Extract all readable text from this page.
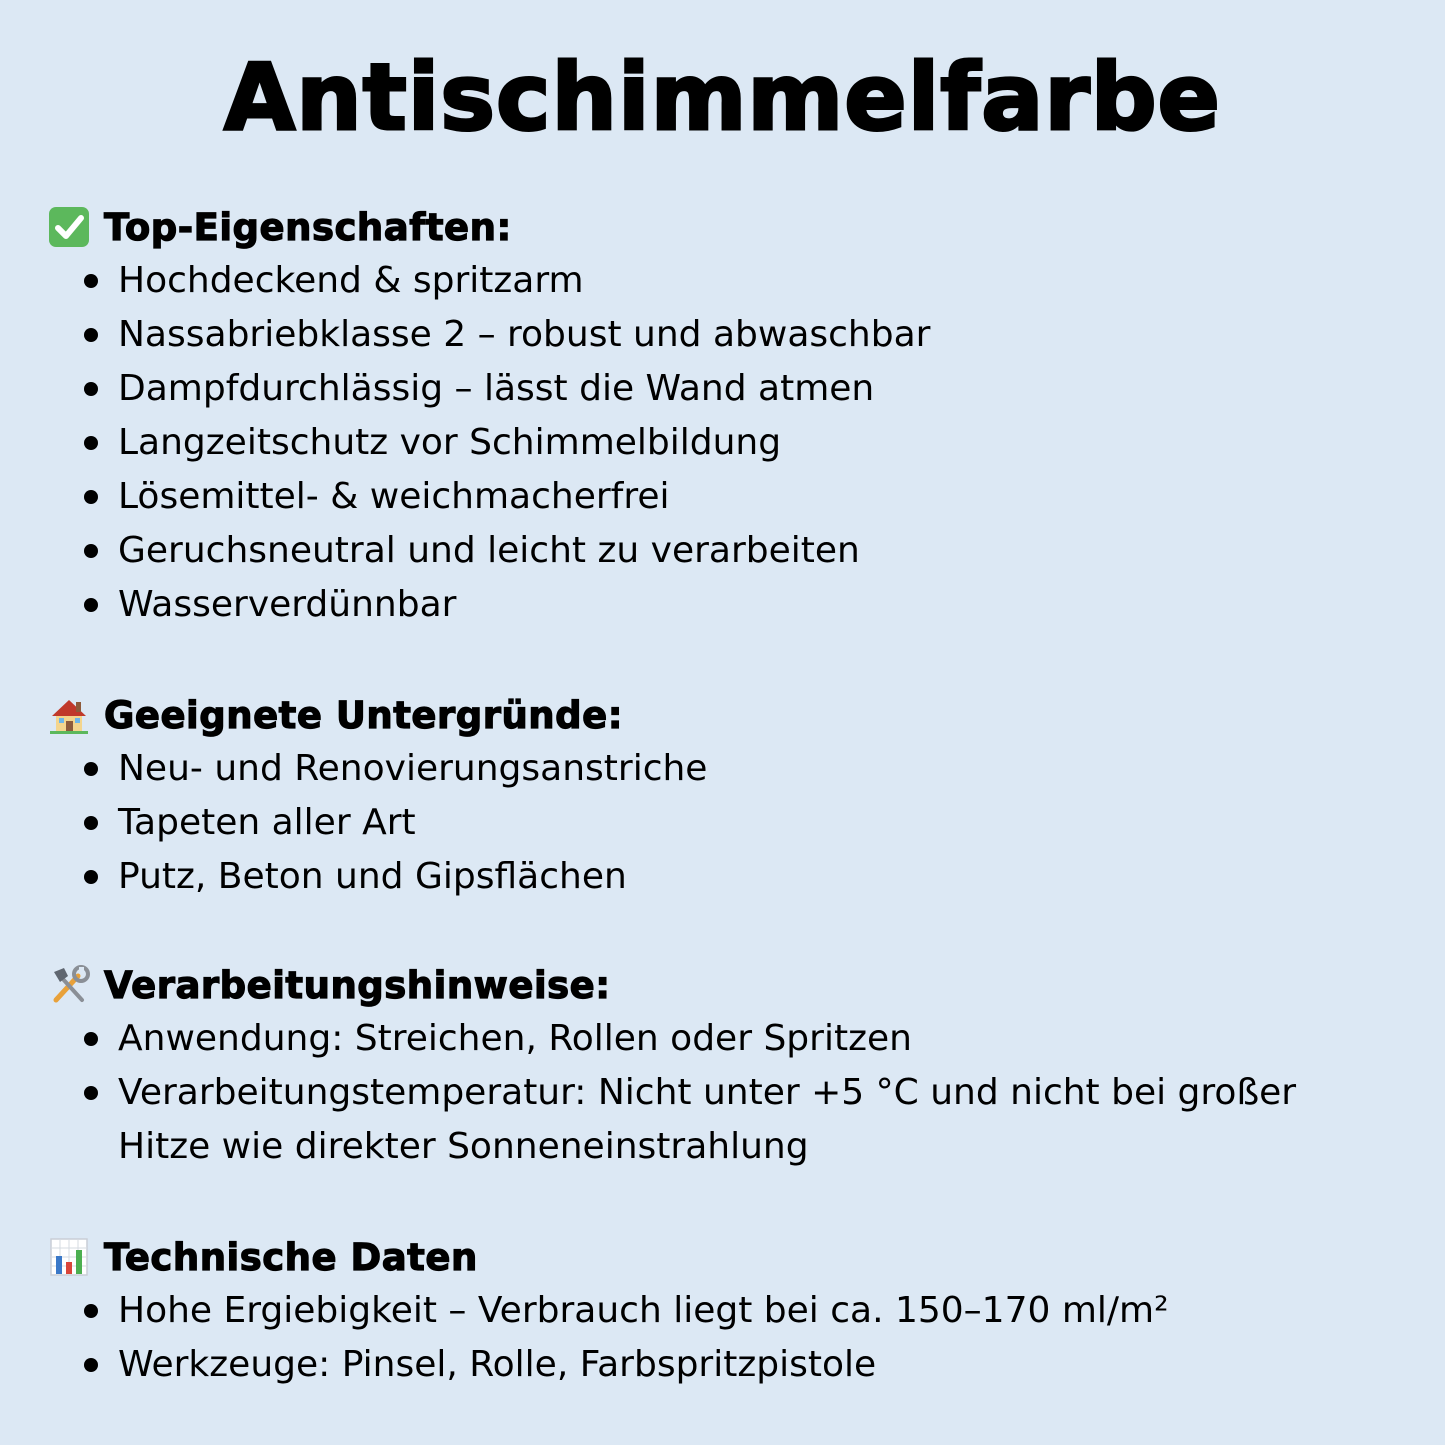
Antischimmelfarbe
Top-Eigenschaften:
Hochdeckend & spritzarm
Nassabriebklasse 2 – robust und abwaschbar
Dampfdurchlässig – lässt die Wand atmen
Langzeitschutz vor Schimmelbildung
Lösemittel- & weichmacherfrei
Geruchsneutral und leicht zu verarbeiten
Wasserverdünnbar
Geeignete Untergründe:
Neu- und Renovierungsanstriche
Tapeten aller Art
Putz, Beton und Gipsflächen
Verarbeitungshinweise:
Anwendung: Streichen, Rollen oder Spritzen
Verarbeitungstemperatur: Nicht unter +5 °C und nicht bei großer Hitze wie direkter Sonneneinstrahlung
Technische Daten
Hohe Ergiebigkeit – Verbrauch liegt bei ca. 150–170 ml/m²
Werkzeuge: Pinsel, Rolle, Farbspritzpistole
